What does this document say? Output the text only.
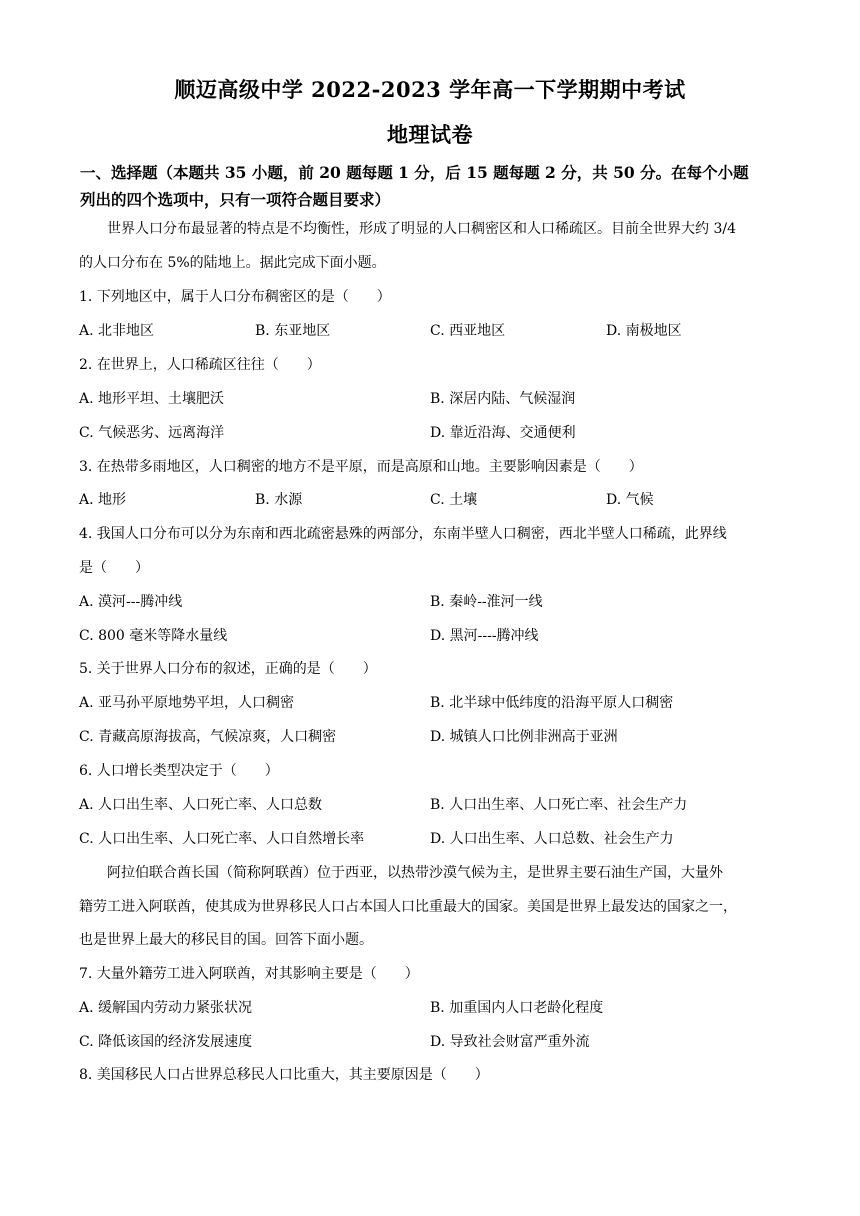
顺迈高级中学 2022-2023 学年高一下学期期中考试
地理试卷
一、选择题（本题共 35 小题，前 20 题每题 1 分，后 15 题每题 2 分，共 50 分。在每个小题
列出的四个选项中，只有一项符合题目要求）
世界人口分布最显著的特点是不均衡性，形成了明显的人口稠密区和人口稀疏区。目前全世界大约 3/4
的人口分布在 5%的陆地上。据此完成下面小题。
1. 下列地区中，属于人口分布稠密区的是（　　）
A. 北非地区	B. 东亚地区	C. 西亚地区	D. 南极地区
2. 在世界上，人口稀疏区往往（　　）
A. 地形平坦、土壤肥沃	B. 深居内陆、气候湿润
C. 气候恶劣、远离海洋	D. 靠近沿海、交通便利
3. 在热带多雨地区，人口稠密的地方不是平原，而是高原和山地。主要影响因素是（　　）
A. 地形	B. 水源	C. 土壤	D. 气候
4. 我国人口分布可以分为东南和西北疏密悬殊的两部分，东南半壁人口稠密，西北半壁人口稀疏，此界线
是（　　）
A. 漠河---腾冲线	B. 秦岭--淮河一线
C. 800 毫米等降水量线	D. 黑河----腾冲线
5. 关于世界人口分布的叙述，正确的是（　　）
A. 亚马孙平原地势平坦，人口稠密	B. 北半球中低纬度的沿海平原人口稠密
C. 青藏高原海拔高，气候凉爽，人口稠密	D. 城镇人口比例非洲高于亚洲
6. 人口增长类型决定于（　　）
A. 人口出生率、人口死亡率、人口总数	B. 人口出生率、人口死亡率、社会生产力
C. 人口出生率、人口死亡率、人口自然增长率	D. 人口出生率、人口总数、社会生产力
阿拉伯联合酋长国（简称阿联酋）位于西亚，以热带沙漠气候为主，是世界主要石油生产国，大量外
籍劳工进入阿联酋，使其成为世界移民人口占本国人口比重最大的国家。美国是世界上最发达的国家之一，
也是世界上最大的移民目的国。回答下面小题。
7. 大量外籍劳工进入阿联酋，对其影响主要是（　　）
A. 缓解国内劳动力紧张状况	B. 加重国内人口老龄化程度
C. 降低该国的经济发展速度	D. 导致社会财富严重外流
8. 美国移民人口占世界总移民人口比重大，其主要原因是（　　）
